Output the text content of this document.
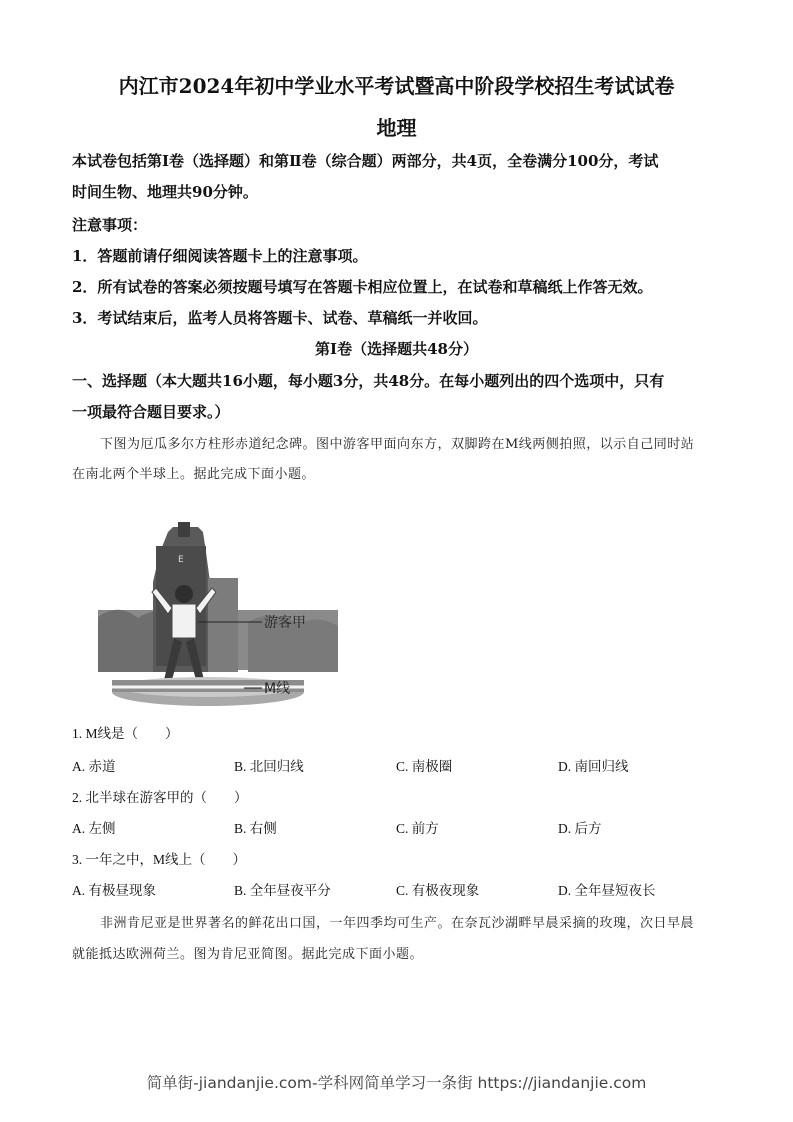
内江市2024年初中学业水平考试暨高中阶段学校招生考试试卷
地理
本试卷包括第Ⅰ卷（选择题）和第Ⅱ卷（综合题）两部分，共4页，全卷满分100分，考试
时间生物、地理共90分钟。
注意事项：
1．答题前请仔细阅读答题卡上的注意事项。
2．所有试卷的答案必须按题号填写在答题卡相应位置上，在试卷和草稿纸上作答无效。
3．考试结束后，监考人员将答题卡、试卷、草稿纸一并收回。
第Ⅰ卷（选择题共48分）
一、选择题（本大题共16小题，每小题3分，共48分。在每小题列出的四个选项中，只有
一项最符合题目要求。）
下图为厄瓜多尔方柱形赤道纪念碑。图中游客甲面向东方，双脚跨在M线两侧拍照，以示自己同时站
在南北两个半球上。据此完成下面小题。
E
游客甲
M线
1. M线是（　　）
A. 赤道	B. 北回归线	C. 南极圈	D. 南回归线
2. 北半球在游客甲的（　　）
A. 左侧	B. 右侧	C. 前方	D. 后方
3. 一年之中，M线上（　　）
A. 有极昼现象	B. 全年昼夜平分	C. 有极夜现象	D. 全年昼短夜长
非洲肯尼亚是世界著名的鲜花出口国，一年四季均可生产。在奈瓦沙湖畔早晨采摘的玫瑰，次日早晨
就能抵达欧洲荷兰。图为肯尼亚简图。据此完成下面小题。
简单街-jiandanjie.com-学科网简单学习一条街 https://jiandanjie.com
